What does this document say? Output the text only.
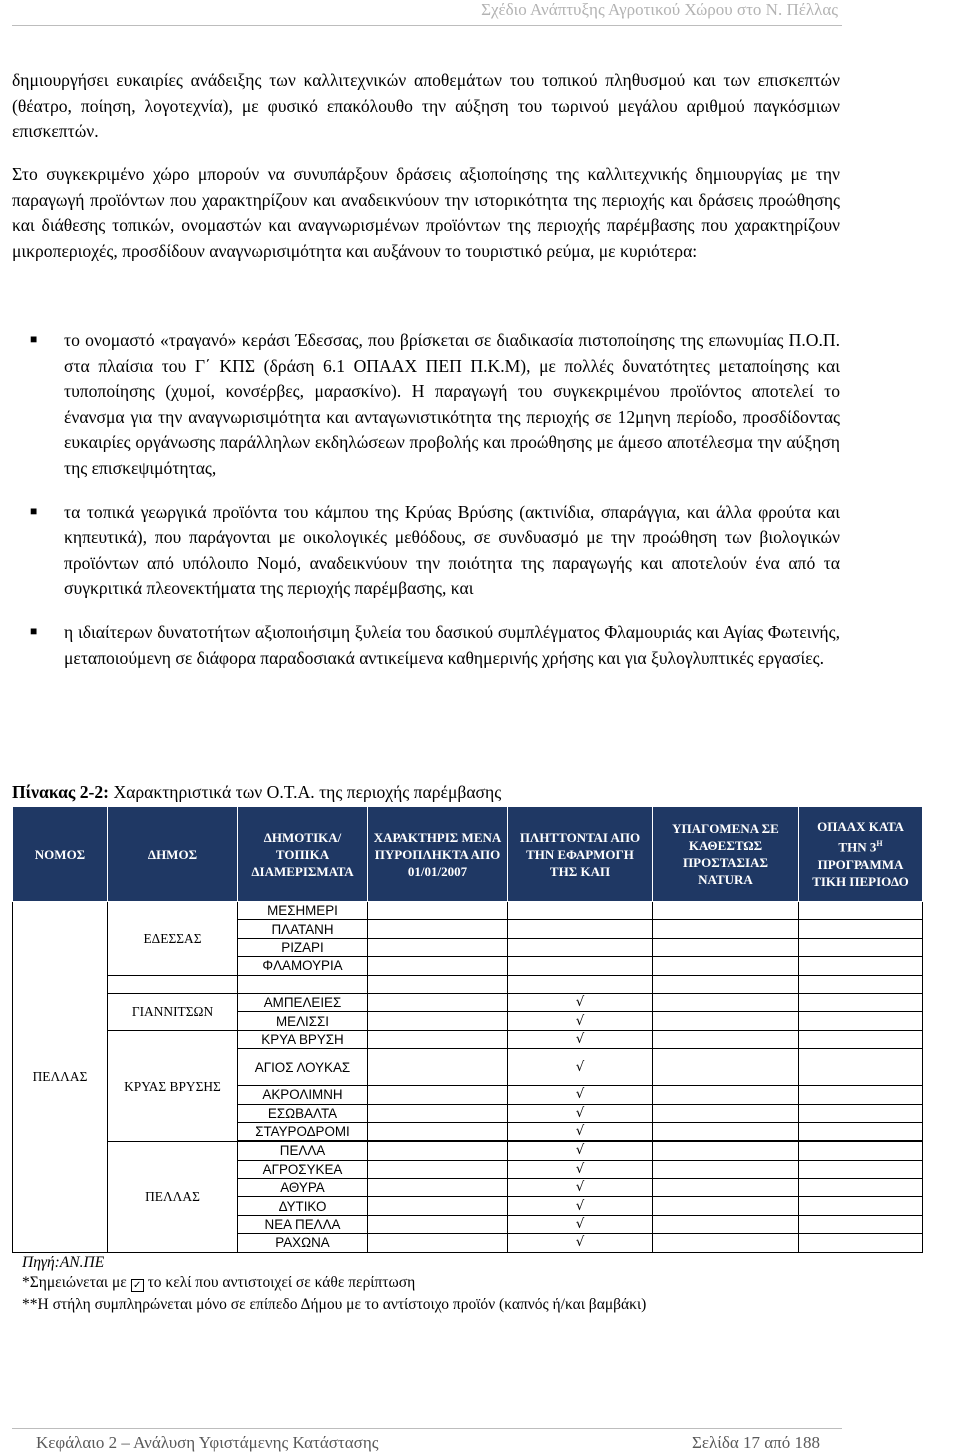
Σχέδιο Ανάπτυξης Αγροτικού Χώρου στο Ν. Πέλλας
δημιουργήσει ευκαιρίες ανάδειξης των καλλιτεχνικών αποθεμάτων του τοπικού πληθυσμού και των επισκεπτών (θέατρο, ποίηση, λογοτεχνία), με φυσικό επακόλουθο την αύξηση του τωρινού μεγάλου αριθμού παγκόσμιων επισκεπτών.
Στο συγκεκριμένο χώρο μπορούν να συνυπάρξουν δράσεις αξιοποίησης της καλλιτεχνικής δημιουργίας με την παραγωγή προϊόντων που χαρακτηρίζουν και αναδεικνύουν την ιστορικότητα της περιοχής και δράσεις προώθησης και διάθεσης τοπικών, ονομαστών και αναγνωρισμένων προϊόντων της περιοχής παρέμβασης που χαρακτηρίζουν μικροπεριοχές, προσδίδουν αναγνωρισιμότητα και αυξάνουν το τουριστικό ρεύμα, με κυριότερα:
■ το ονομαστό «τραγανό» κεράσι Έδεσσας, που βρίσκεται σε διαδικασία πιστοποίησης της επωνυμίας Π.Ο.Π. στα πλαίσια του Γ΄ ΚΠΣ (δράση 6.1 ΟΠΑΑΧ ΠΕΠ Π.Κ.Μ), με πολλές δυνατότητες μεταποίησης και τυποποίησης (χυμοί, κονσέρβες, μαρασκίνο). Η παραγωγή του συγκεκριμένου προϊόντος αποτελεί το ένανσμα για την αναγνωρισιμότητα και ανταγωνιστικότητα της περιοχής σε 12μηνη περίοδο, προσδίδοντας ευκαιρίες οργάνωσης παράλληλων εκδηλώσεων προβολής και προώθησης με άμεσο αποτέλεσμα την αύξηση της επισκεψιμότητας,
■ τα τοπικά γεωργικά προϊόντα του κάμπου της Κρύας Βρύσης (ακτινίδια, σπαράγγια, και άλλα φρούτα και κηπευτικά), που παράγονται με οικολογικές μεθόδους, σε συνδυασμό με την προώθηση των βιολογικών προϊόντων από υπόλοιπο Νομό, αναδεικνύουν την ποιότητα της παραγωγής και αποτελούν ένα από τα συγκριτικά πλεονεκτήματα της περιοχής παρέμβασης, και
■ η ιδιαίτερων δυνατοτήτων αξιοποιήσιμη ξυλεία του δασικού συμπλέγματος Φλαμουριάς και Αγίας Φωτεινής, μεταποιούμενη σε διάφορα παραδοσιακά αντικείμενα καθημερινής χρήσης και για ξυλογλυπτικές εργασίες.
Πίνακας 2-2: Χαρακτηριστικά των Ο.Τ.Α. της περιοχής παρέμβασης
ΝΟΜΟΣ	ΔΗΜΟΣ	ΔΗΜΟΤΙΚΑ/ ΤΟΠΙΚΑ ΔΙΑΜΕΡΙΣΜΑΤΑ	ΧΑΡΑΚΤΗΡΙΣ ΜΕΝΑ ΠΥΡΟΠΛΗΚΤΑ ΑΠΟ 01/01/2007	ΠΛΗΤΤΟΝΤΑΙ ΑΠΟ ΤΗΝ ΕΦΑΡΜΟΓΗ ΤΗΣ ΚΑΠ	ΥΠΑΓΟΜΕΝΑ ΣΕ ΚΑΘΕΣΤΩΣ ΠΡΟΣΤΑΣΙΑΣ NATURA	ΟΠΑΑΧ ΚΑΤΑ ΤΗΝ $3^H$ ΠΡΟΓΡΑΜΜΑ ΤΙΚΗ ΠΕΡΙΟΔΟ
ΠΕΛΛΑΣ	ΕΔΕΣΣΑΣ	ΜΕΣΗΜΕΡΙ				
		ΠΛΑΤΑΝΗ				
		ΡΙΖΑΡΙ				
		ΦΛΑΜΟΥΡΙΑ				

	ΓΙΑΝΝΙΤΣΩΝ	ΑΜΠΕΛΕΙΕΣ		√		
		ΜΕΛΙΣΣΙ		√		
	ΚΡΥΑΣ ΒΡΥΣΗΣ	ΚΡΥΑ ΒΡΥΣΗ		√		
		ΑΓΙΟΣ ΛΟΥΚΑΣ		√		
		ΑΚΡΟΛΙΜΝΗ		√		
		ΕΣΩΒΑΛΤΑ		√		
		ΣΤΑΥΡΟΔΡΟΜΙ		√		

	ΠΕΛΛΑΣ	ΠΕΛΛΑ		√		
		ΑΓΡΟΣΥΚΕΑ		√		
		ΑΘΥΡΑ		√		
		ΔΥΤΙΚΟ		√		
		ΝΕΑ ΠΕΛΛΑ		√		
		ΡΑΧΩΝΑ		√		
Πηγή:ΑΝ.ΠΕ
*Σημειώνεται με ✓ το κελί που αντιστοιχεί σε κάθε περίπτωση
**Η στήλη συμπληρώνεται μόνο σε επίπεδο Δήμου με το αντίστοιχο προϊόν (καπνός ή/και βαμβάκι)
Κεφάλαιο 2 – Ανάλυση Υφιστάμενης Κατάστασης	Σελίδα 17 από 188
